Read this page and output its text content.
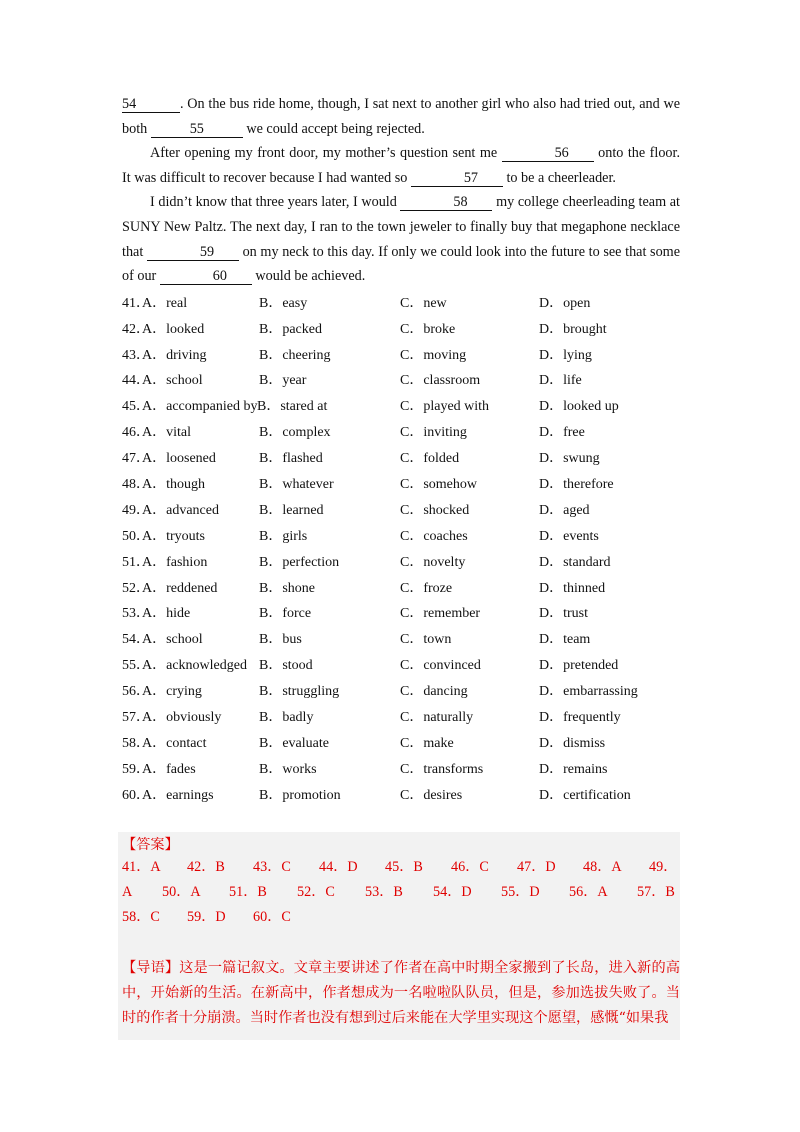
54	. On the bus ride home, though, I sat next to another girl who also had tried out, and we both	55	we could accept being rejected.

After opening my front door, my mother’s question sent me	56 onto the floor. It was difficult to recover because I had wanted so	57 to be a cheerleader.

I didn’t know that three years later, I would	58 my college cheerleading team at SUNY New Paltz. The next day, I ran to the town jeweler to finally buy that megaphone necklace that	59 on my neck to this day. If only we could look into the future to see that some of our	60 would be achieved.

41．
A．real	B．easy	C．new	D．open
42．
A．looked	B．packed	C．broke	D．brought
43．
A．driving	B．cheering	C．moving	D．lying
44．
A．school	B．year	C．classroom	D．life
45．
A．accompanied by B．stared at	C．played with	D．looked up
46．
A．vital	B．complex	C．inviting	D．free
47．
A．loosened	B．flashed	C．folded	D．swung
48．
A．though	B．whatever	C．somehow	D．therefore
49．
A．advanced	B．learned	C．shocked	D．aged
50．
A．tryouts	B．girls	C．coaches	D．events
51．
A．fashion	B．perfection	C．novelty	D．standard
52．
A．reddened	B．shone	C．froze	D．thinned
53．
A．hide	B．force	C．remember	D．trust
54．
A．school	B．bus	C．town	D．team
55．
A．acknowledged B．stood	C．convinced	D．pretended
56．
A．crying	B．struggling	C．dancing	D．embarrassing
57．
A．obviously	B．badly	C．naturally	D．frequently
58．
A．contact	B．evaluate	C．make	D．dismiss
59．
A．fades	B．works	C．transforms	D．remains
60．
A．earnings	B．promotion	C．desires	D．certification
【答案】
41．A 42．B 43．C 44．D 45．B 46．C 47．D 48．A 49．
A 50．A 51．B 52．C 53．B 54．D 55．D 56．A 57．B
58．C 59．D 60．C
【导语】这是一篇记叙文。文章主要讲述了作者在高中时期全家搬到了长岛，进入新的高中，开始新的生活。在新高中，作者想成为一名啦啦队队员，但是，参加选拔失败了。当时的作者十分崩溃。当时作者也没有想到过后来能在大学里实现这个愿望，感慨“如果我
